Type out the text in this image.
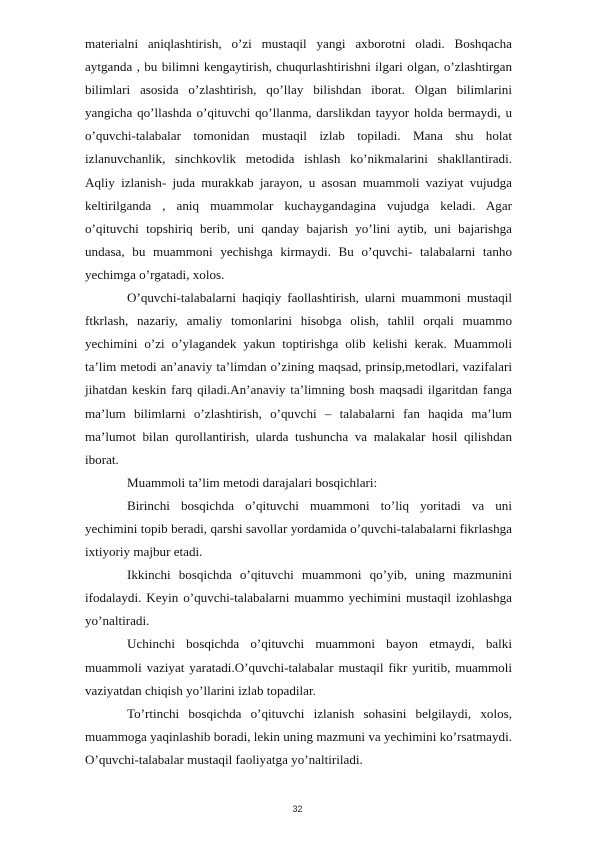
materialni aniqlashtirish, o’zi mustaqil yangi axborotni oladi. Boshqacha aytganda , bu bilimni kengaytirish, chuqurlashtirishni ilgari olgan, o’zlashtirgan bilimlari asosida o’zlashtirish, qo’llay bilishdan iborat. Olgan bilimlarini yangicha qo’llashda o’qituvchi qo’llanma, darslikdan tayyor holda bermaydi, u o’quvchi-talabalar tomonidan mustaqil izlab topiladi. Mana shu holat izlanuvchanlik, sinchkovlik metodida ishlash ko’nikmalarini shakllantiradi. Aqliy izlanish- juda murakkab jarayon, u asosan muammoli vaziyat vujudga keltirilganda , aniq muammolar kuchaygandagina vujudga keladi. Agar o’qituvchi topshiriq berib, uni qanday bajarish yo’lini aytib, uni bajarishga undasa, bu muammoni yechishga kirmaydi. Bu o’quvchi- talabalarni tanho yechimga o’rgatadi, xolos.

O’quvchi-talabalarni haqiqiy faollashtirish, ularni muammoni mustaqil ftkrlash, nazariy, amaliy tomonlarini hisobga olish, tahlil orqali muammo yechimini o’zi o’ylagandek yakun toptirishga olib kelishi kerak. Muammoli ta’lim metodi an’anaviy ta’limdan o’zining maqsad, prinsip,metodlari, vazifalari jihatdan keskin farq qiladi.An’anaviy ta’limning bosh maqsadi ilgaritdan fanga ma’lum bilimlarni o’zlashtirish, o’quvchi – talabalarni fan haqida ma’lum ma’lumot bilan qurollantirish, ularda tushuncha va malakalar hosil qilishdan iborat.

Muammoli ta’lim metodi darajalari bosqichlari:

Birinchi bosqichda o’qituvchi muammoni to’liq yoritadi va uni yechimini topib beradi, qarshi savollar yordamida o’quvchi-talabalarni fikrlashga ixtiyoriy majbur etadi.

Ikkinchi bosqichda o’qituvchi muammoni qo’yib, uning mazmunini ifodalaydi. Keyin o’quvchi-talabalarni muammo yechimini mustaqil izohlashga yo’naltiradi.

Uchinchi bosqichda o’qituvchi muammoni bayon etmaydi, balki muammoli vaziyat yaratadi.O’quvchi-talabalar mustaqil fikr yuritib, muammoli vaziyatdan chiqish yo’llarini izlab topadilar.

To’rtinchi bosqichda o’qituvchi izlanish sohasini belgilaydi, xolos, muammoga yaqinlashib boradi, lekin uning mazmuni va yechimini ko’rsatmaydi. O’quvchi-talabalar mustaqil faoliyatga yo’naltiriladi.

32
